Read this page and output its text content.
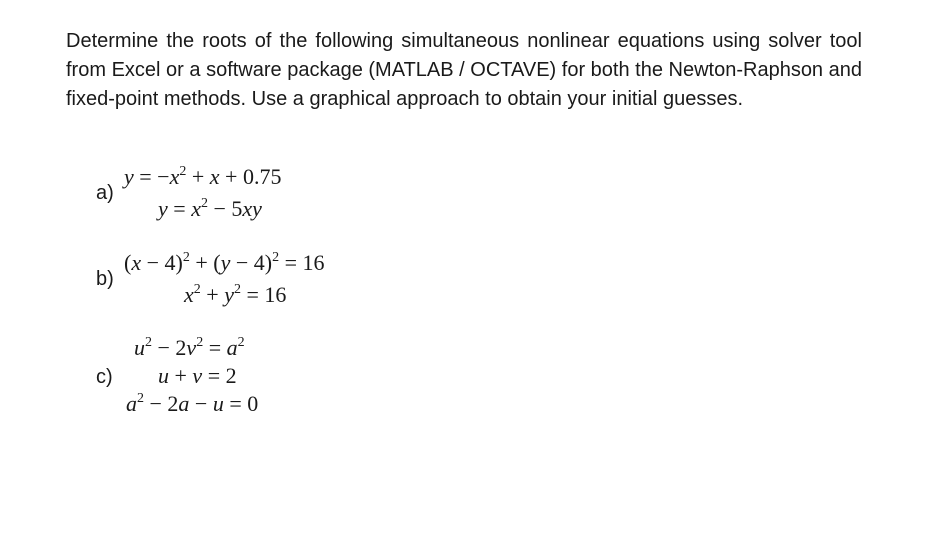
Determine the roots of the following simultaneous nonlinear equations using solver tool from Excel or a software package (MATLAB / OCTAVE) for both the Newton-Raphson and fixed-point methods. Use a graphical approach to obtain your initial guesses.

a)
$y = -x^2 + x + 0.75$
$y = x^2 - 5xy$
b)
$(x - 4)^2 + (y - 4)^2 = 16$
$x^2 + y^2 = 16$
c)
$u^2 - 2v^2 = a^2$
u + v = 2
$a^2 - 2a - u = 0$
